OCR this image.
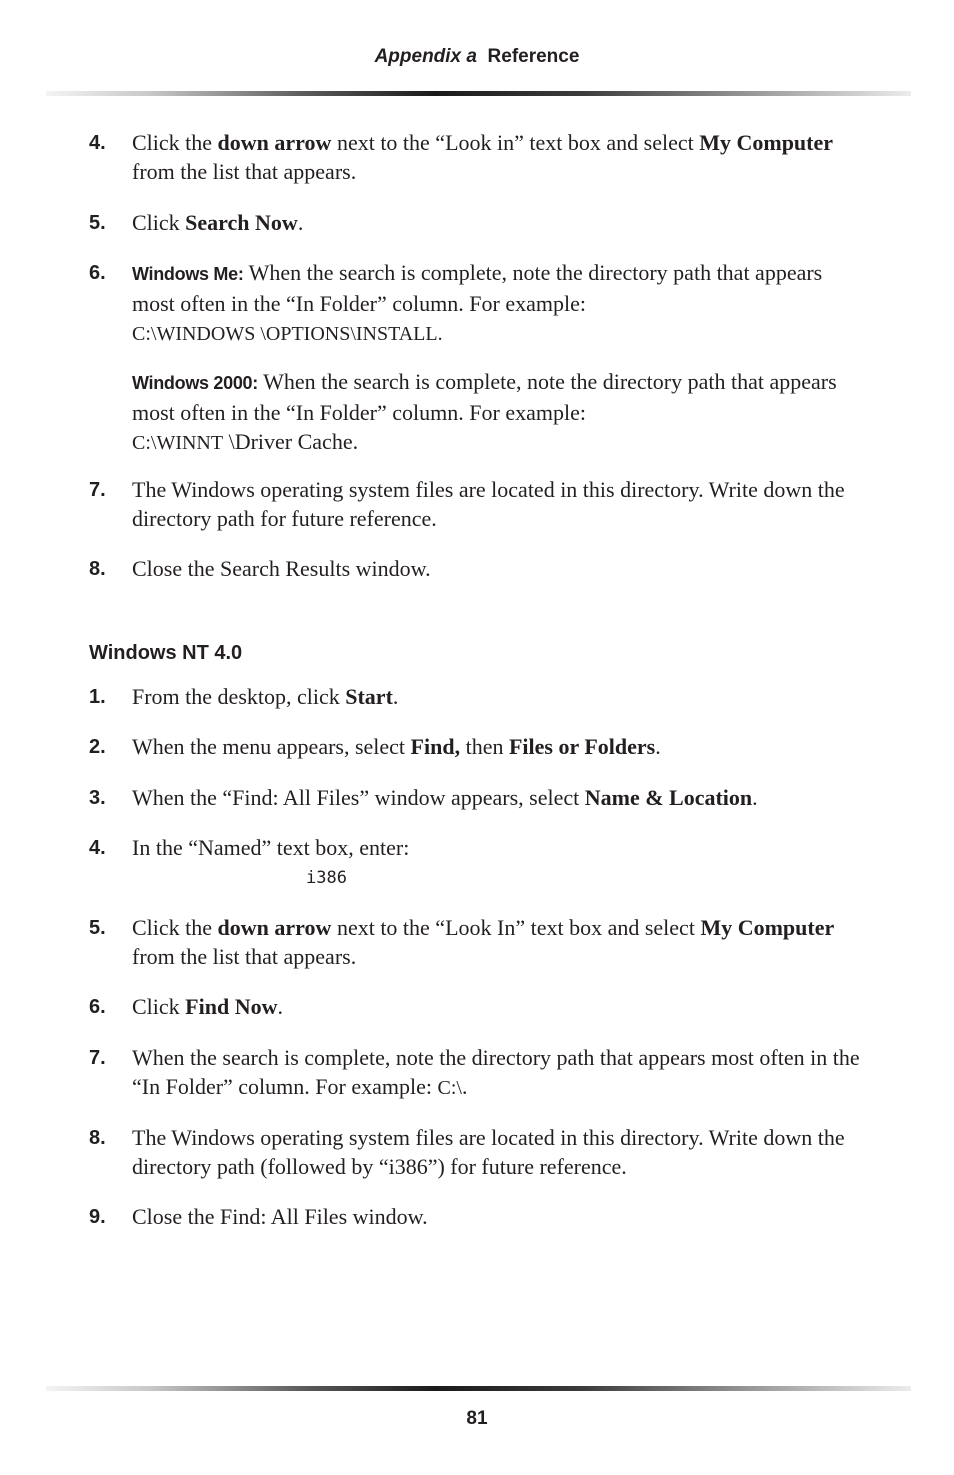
Appendix a Reference
4. Click the down arrow next to the “Look in” text box and select My Computer from the list that appears.

5. Click Search Now.

6. Windows Me: When the search is complete, note the directory path that appears most often in the “In Folder” column. For example:
C:\WINDOWS \OPTIONS\INSTALL.

Windows 2000: When the search is complete, note the directory path that appears most often in the “In Folder” column. For example:
C:\WINNT \Driver Cache.

7. The Windows operating system files are located in this directory. Write down the directory path for future reference.

8. Close the Search Results window.

Windows NT 4.0
1. From the desktop, click Start.

2. When the menu appears, select Find, then Files or Folders.

3. When the “Find: All Files” window appears, select Name & Location.

4. In the “Named” text box, enter:

i386
5. Click the down arrow next to the “Look In” text box and select My Computer from the list that appears.

6. Click Find Now.

7. When the search is complete, note the directory path that appears most often in the “In Folder” column. For example: C:\.

8. The Windows operating system files are located in this directory. Write down the directory path (followed by “i386”) for future reference.

9. Close the Find: All Files window.

81
